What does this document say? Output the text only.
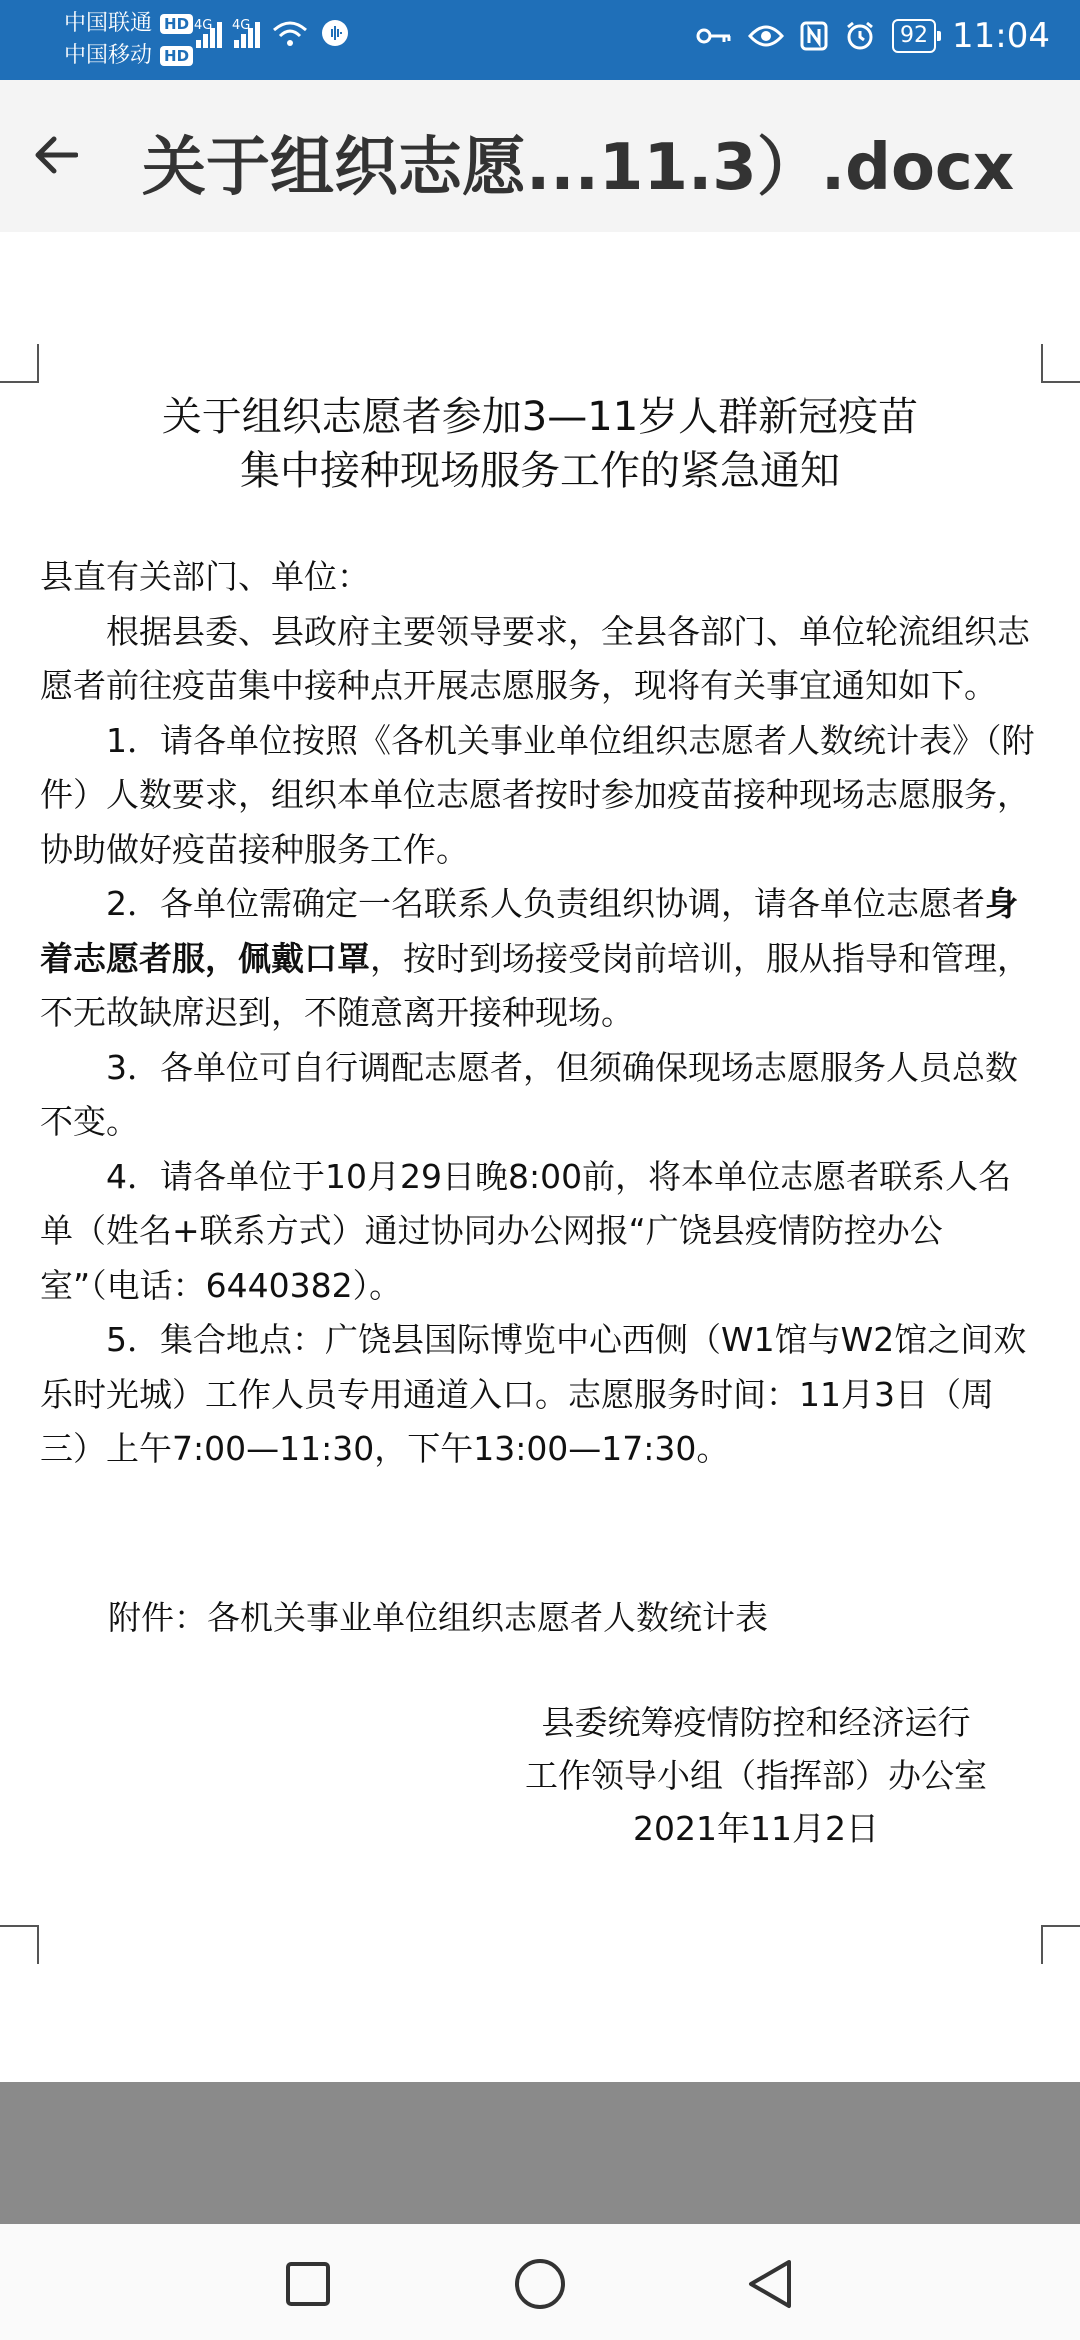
中国联通 HD
中国移动 HD
4G 4G	92 11:04
关于组织志愿...11.3）.docx
关于组织志愿者参加3—11岁人群新冠疫苗
集中接种现场服务工作的紧急通知

县直有关部门、单位：

根据县委、县政府主要领导要求，全县各部门、单位轮流组织志愿者前往疫苗集中接种点开展志愿服务，现将有关事宜通知如下。

1．请各单位按照《各机关事业单位组织志愿者人数统计表》（附件）人数要求，组织本单位志愿者按时参加疫苗接种现场志愿服务，协助做好疫苗接种服务工作。

2．各单位需确定一名联系人负责组织协调，请各单位志愿者身着志愿者服，佩戴口罩，按时到场接受岗前培训，服从指导和管理，不无故缺席迟到，不随意离开接种现场。

3．各单位可自行调配志愿者，但须确保现场志愿服务人员总数不变。

4．请各单位于10月29日晚8:00前，将本单位志愿者联系人名单（姓名+联系方式）通过协同办公网报“广饶县疫情防控办公室”（电话：6440382）。

5．集合地点：广饶县国际博览中心西侧（W1馆与W2馆之间欢乐时光城）工作人员专用通道入口。志愿服务时间：11月3日（周三）上午7:00—11:30，下午13:00—17:30。

附件：各机关事业单位组织志愿者人数统计表
县委统筹疫情防控和经济运行
工作领导小组（指挥部）办公室
2021年11月2日
